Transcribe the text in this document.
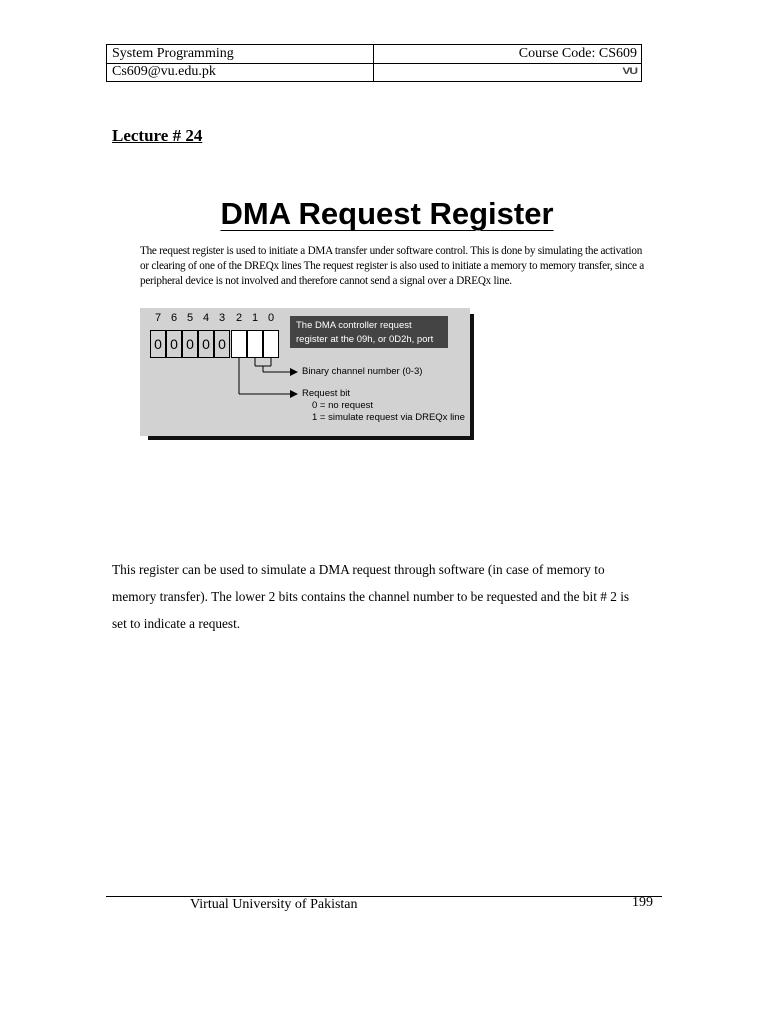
System Programming	Course Code: CS609
Cs609@vu.edu.pk	VU
Lecture # 24
DMA Request Register
The request register is used to initiate a DMA transfer under software control. This is done by simulating the activation or clearing of one of the DREQx lines The request register is also used to initiate a memory to memory transfer, since a peripheral device is not involved and therefore cannot send a signal over a DREQx line.
7 6 5 4 3 2 1 0
0 0 0 0 0
The DMA controller request register at the 09h, or 0D2h, port
Binary channel number (0-3)
Request bit
0 = no request
1 = simulate request via DREQx line
This register can be used to simulate a DMA request through software (in case of memory to memory transfer). The lower 2 bits contains the channel number to be requested and the bit # 2 is set to indicate a request.
Virtual University of Pakistan	199
